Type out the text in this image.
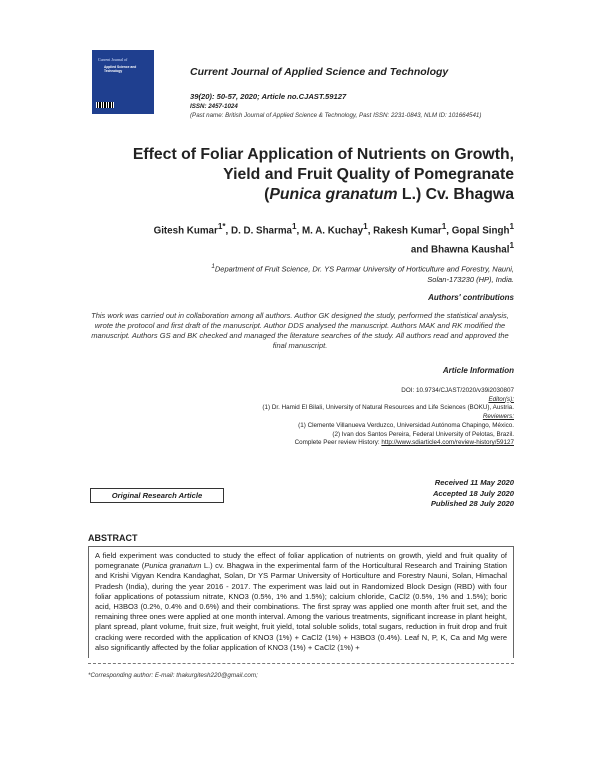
Current Journal of
Applied Science and Technology	Current Journal of Applied Science and Technology
39(20): 50-57, 2020; Article no.CJAST.59127
ISSN: 2457-1024
(Past name: British Journal of Applied Science & Technology, Past ISSN: 2231-0843, NLM ID: 101664541)
Effect of Foliar Application of Nutrients on Growth,
Yield and Fruit Quality of Pomegranate
(Punica granatum L.) Cv. Bhagwa
Gitesh Kumar$^{1*}$, D. D. Sharma$^1$, M. A. Kuchay$^1$, Rakesh Kumar$^1$, Gopal Singh$^1$
and Bhawna Kaushal$^1$
$^1$Department of Fruit Science, Dr. YS Parmar University of Horticulture and Forestry, Nauni,
Solan-173230 (HP), India.
Authors' contributions
This work was carried out in collaboration among all authors. Author GK designed the study, performed the statistical analysis, wrote the protocol and first draft of the manuscript. Author DDS analysed the manuscript. Authors MAK and RK modified the manuscript. Authors GS and BK checked and managed the literature searches of the study. All authors read and approved the final manuscript.
Article Information
DOI: 10.9734/CJAST/2020/v39i2030807
Editor(s):
(1) Dr. Hamid El Bilali, University of Natural Resources and Life Sciences (BOKU), Austria.
Reviewers:
(1) Clemente Villanueva Verduzco, Universidad Autónoma Chapingo, México.
(2) Ivan dos Santos Pereira, Federal University of Pelotas, Brazil.
Complete Peer review History: http://www.sdiarticle4.com/review-history/59127
Original Research Article
Received 11 May 2020
Accepted 18 July 2020
Published 28 July 2020
ABSTRACT
A field experiment was conducted to study the effect of foliar application of nutrients on growth, yield and fruit quality of pomegranate (Punica granatum L.) cv. Bhagwa in the experimental farm of the Horticultural Research and Training Station and Krishi Vigyan Kendra Kandaghat, Solan, Dr YS Parmar University of Horticulture and Forestry Nauni, Solan, Himachal Pradesh (India), during the year 2016 - 2017. The experiment was laid out in Randomized Block Design (RBD) with four foliar applications of potassium nitrate, KNO3 (0.5%, 1% and 1.5%); calcium chloride, CaCl2 (0.5%, 1% and 1.5%); boric acid, H3BO3 (0.2%, 0.4% and 0.6%) and their combinations. The first spray was applied one month after fruit set, and the remaining three ones were applied at one month interval. Among the various treatments, significant increase in plant height, plant spread, plant volume, fruit size, fruit weight, fruit yield, total soluble solids, total sugars, reduction in fruit drop and fruit cracking were recorded with the application of KNO3 (1%) + CaCl2 (1%) + H3BO3 (0.4%). Leaf N, P, K, Ca and Mg were also significantly affected by the foliar application of KNO3 (1%) + CaCl2 (1%) +
*Corresponding author: E-mail: thakurgitesh220@gmail.com;
